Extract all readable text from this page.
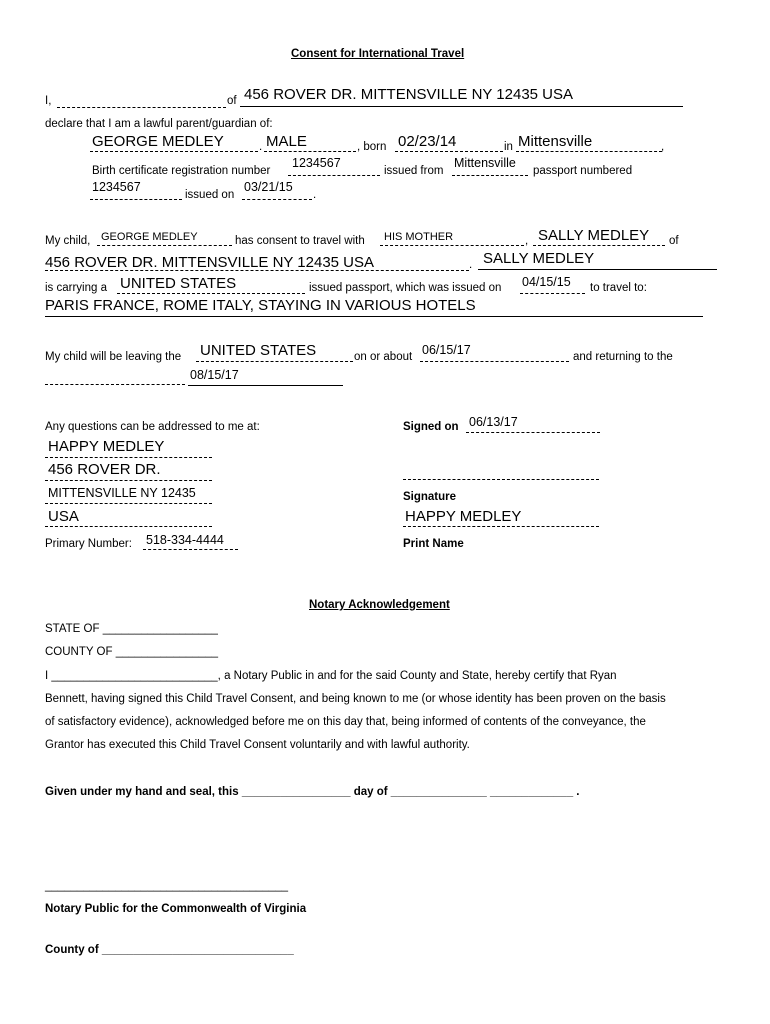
Consent for International Travel
I,	of 456 ROVER DR. MITTENSVILLE NY 12435 USA
declare that I am a lawful parent/guardian of:
GEORGE MEDLEY	. MALE	, born 02/23/14	in Mittensville	,
Birth certificate registration number
1234567
issued from
Mittensville
passport numbered
1234567
issued on
03/21/15
.
My child, GEORGE MEDLEY	has consent to travel with HIS MOTHER	, SALLY MEDLEY of
456 ROVER DR. MITTENSVILLE NY 12435 USA	. SALLY MEDLEY
is carrying a UNITED STATES	issued passport, which was issued on 04/15/15 to travel to:
PARIS FRANCE, ROME ITALY, STAYING IN VARIOUS HOTELS
My child will be leaving the UNITED STATES	on or about 06/15/17	and returning to the
08/15/17
Any questions can be addressed to me at:
HAPPY MEDLEY
456 ROVER DR.
MITTENSVILLE NY 12435
USA
Primary Number: 518-334-4444
Signed on 06/13/17
Signature
HAPPY MEDLEY
Print Name
Notary Acknowledgement
STATE OF __________________
COUNTY OF ________________
I __________________________, a Notary Public in and for the said County and State, hereby certify that Ryan
Bennett, having signed this Child Travel Consent, and being known to me (or whose identity has been proven on the basis
of satisfactory evidence), acknowledged before me on this day that, being informed of contents of the conveyance, the
Grantor has executed this Child Travel Consent voluntarily and with lawful authority.
Given under my hand and seal, this _________________ day of _______________ _____________ .
______________________________________
Notary Public for the Commonwealth of Virginia
County of ______________________________
